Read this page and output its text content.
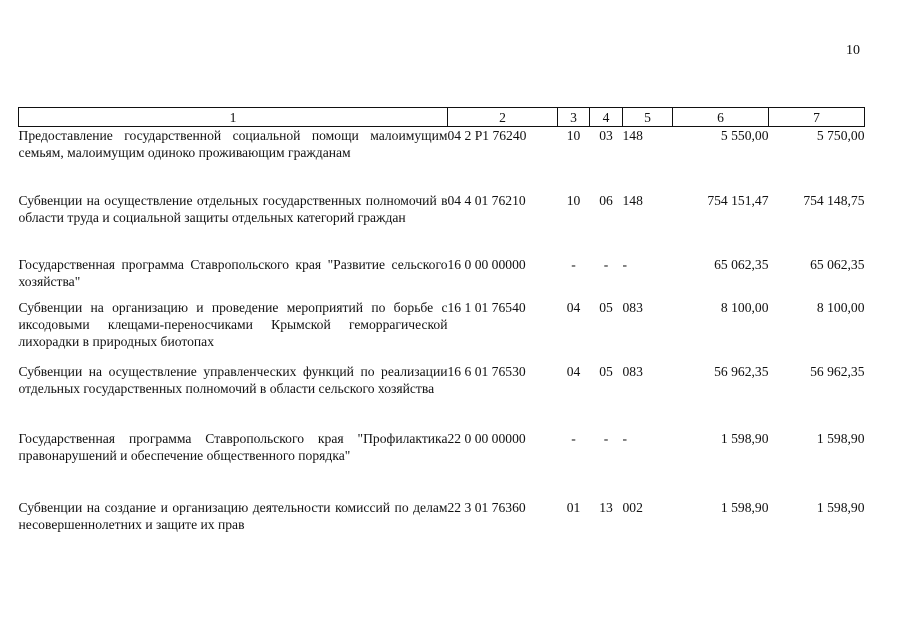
10
1	2	3	4	5	6	7
Предоставление государственной социальной помощи малоимущим семьям, малоимущим одиноко проживающим гражданам	04 2 P1 76240	10	03	148	5 550,00	5 750,00
Субвенции на осуществление отдельных государственных полномочий в области труда и социальной защиты отдельных категорий граждан	04 4 01 76210	10	06	148	754 151,47	754 148,75
Государственная программа Ставропольского края "Развитие сельского хозяйства"	16 0 00 00000	-	-	-	65 062,35	65 062,35
Субвенции на организацию и проведение мероприятий по борьбе с иксодовыми клещами-переносчиками Крымской геморрагической лихорадки в природных биотопах	16 1 01 76540	04	05	083	8 100,00	8 100,00
Субвенции на осуществление управленческих функций по реализации отдельных государственных полномочий в области сельского хозяйства	16 6 01 76530	04	05	083	56 962,35	56 962,35
Государственная программа Ставропольского края "Профилактика правонарушений и обеспечение общественного порядка"	22 0 00 00000	-	-	-	1 598,90	1 598,90
Субвенции на создание и организацию деятельности комиссий по делам несовершеннолетних и защите их прав	22 3 01 76360	01	13	002	1 598,90	1 598,90
